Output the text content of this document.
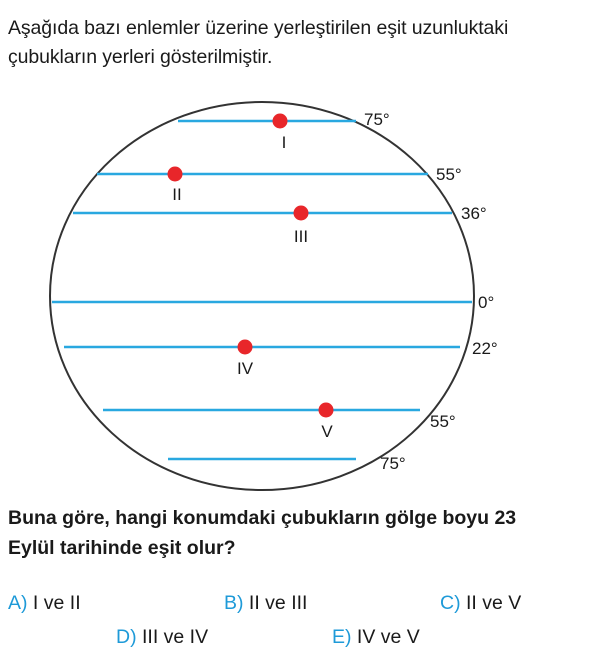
Aşağıda bazı enlemler üzerine yerleştirilen eşit uzunluktaki
çubukların yerleri gösterilmiştir.
75°
55°
36°
0°
22°
55°
75°
I
II
III
IV
V
Buna göre, hangi konumdaki çubukların gölge boyu 23
Eylül tarihinde eşit olur?
A) I ve II	B) II ve III	C) II ve V
D) III ve IV	E) IV ve V
